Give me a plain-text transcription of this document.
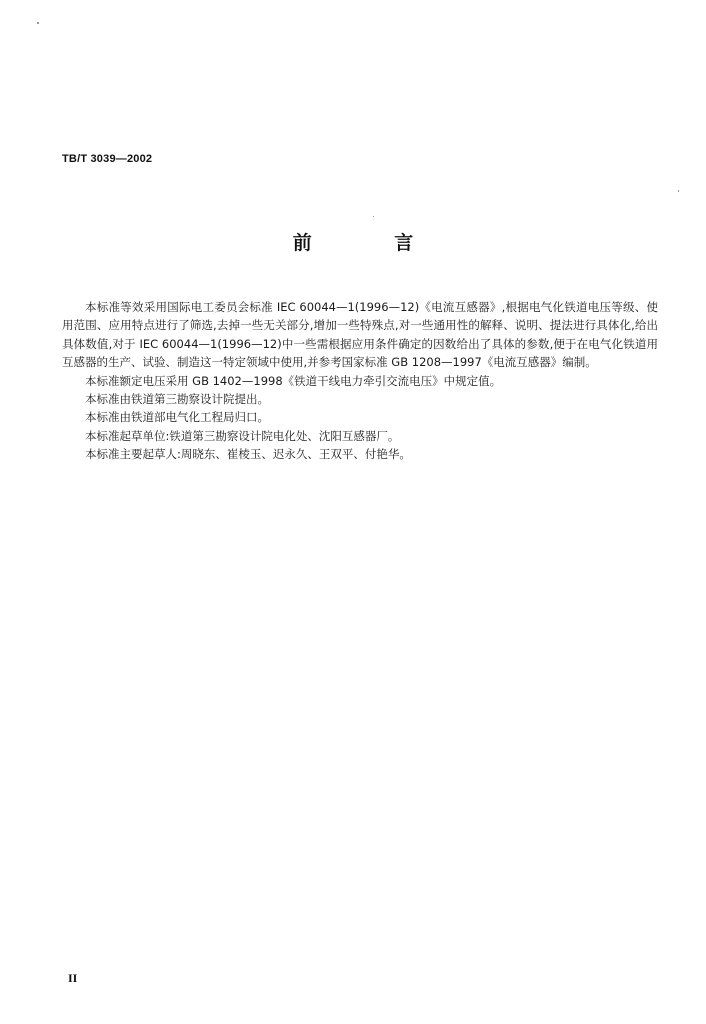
TB/T 3039—2002
前 言

本标准等效采用国际电工委员会标准 IEC 60044—1(1996—12)《电流互感器》,根据电气化铁道电压等级、使用范围、应用特点进行了筛选,去掉一些无关部分,增加一些特殊点,对一些通用性的解释、说明、提法进行具体化,给出具体数值,对于 IEC 60044—1(1996—12)中一些需根据应用条件确定的因数给出了具体的参数,便于在电气化铁道用互感器的生产、试验、制造这一特定领域中使用,并参考国家标准 GB 1208—1997《电流互感器》编制。

本标准额定电压采用 GB 1402—1998《铁道干线电力牵引交流电压》中规定值。

本标准由铁道第三勘察设计院提出。

本标准由铁道部电气化工程局归口。

本标准起草单位:铁道第三勘察设计院电化处、沈阳互感器厂。

本标准主要起草人:周晓东、崔棱玉、迟永久、王双平、付艳华。

II
